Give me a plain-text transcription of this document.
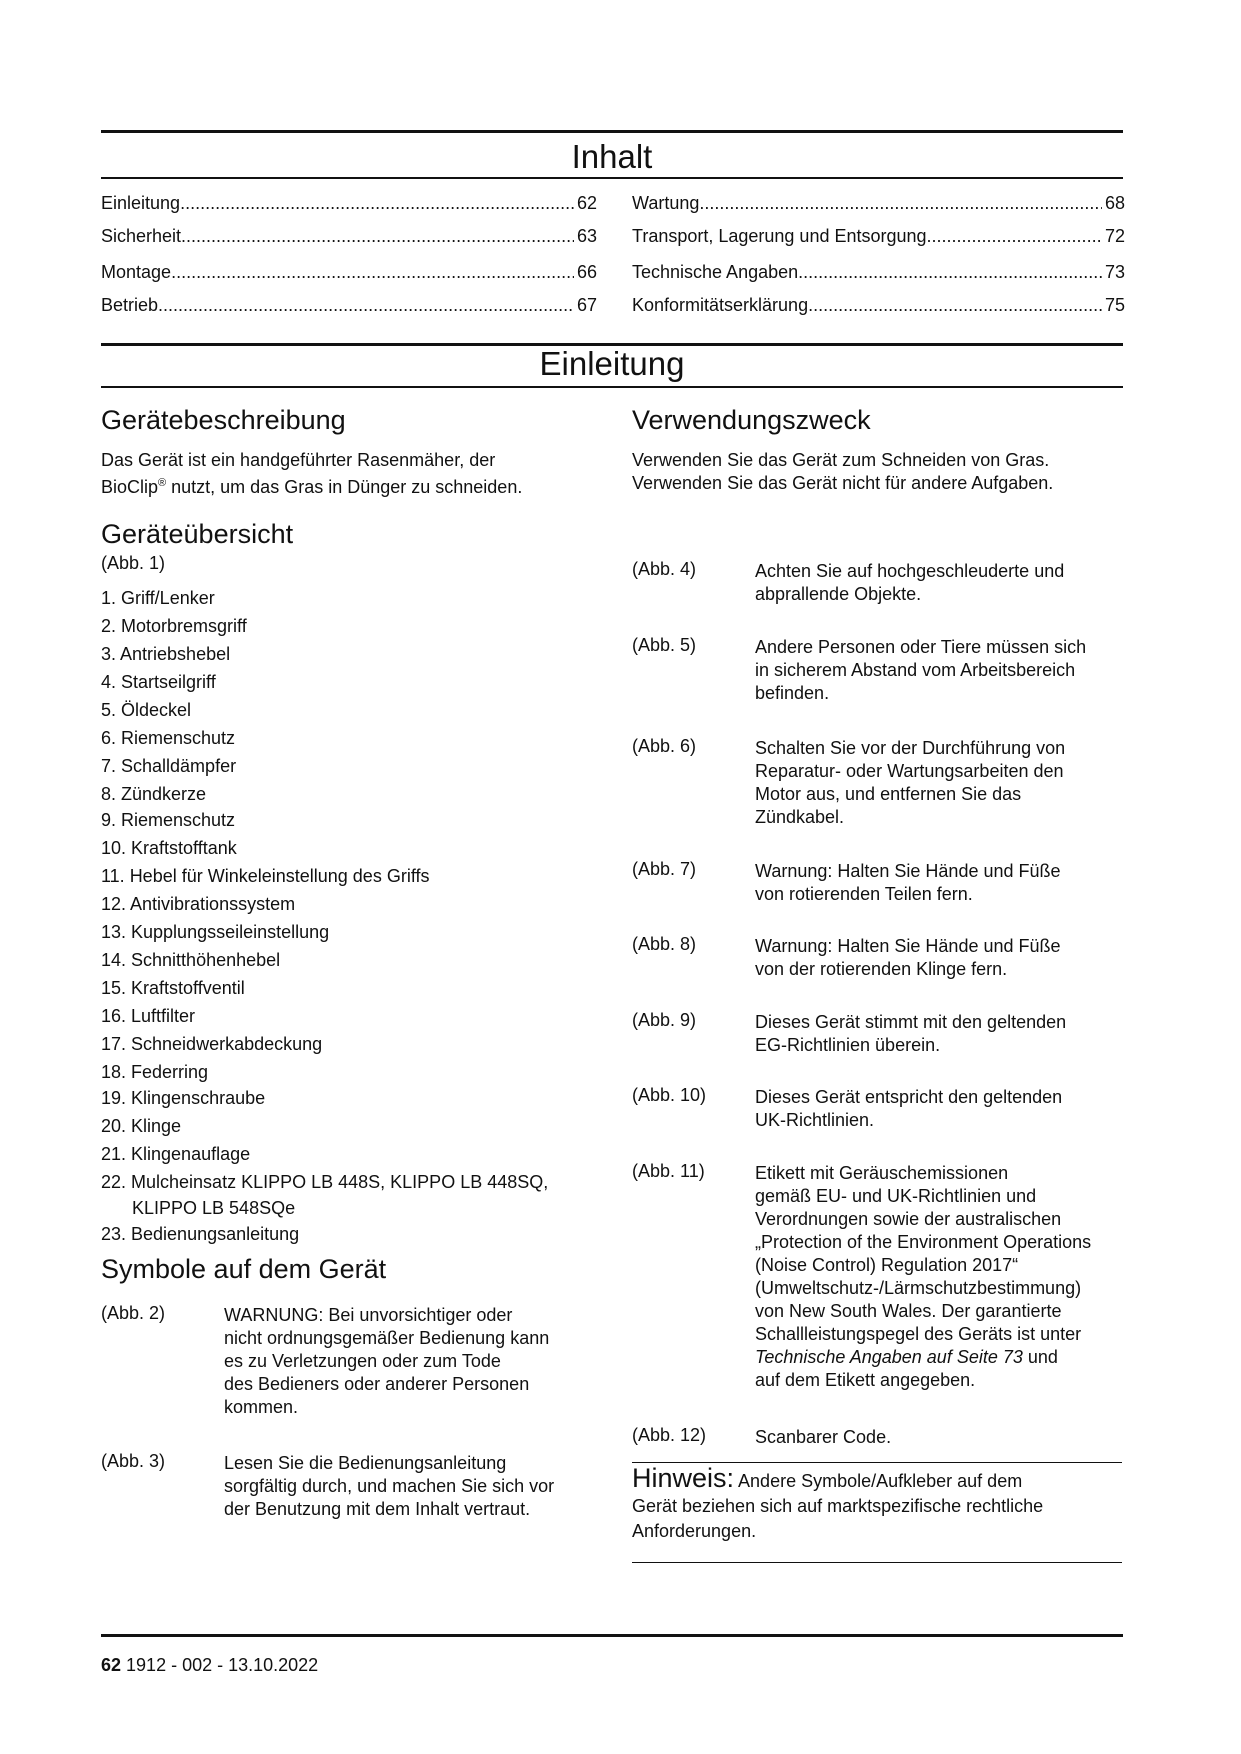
Inhalt
Einleitung .....	62
Sicherheit .....	63
Montage .....	66
Betrieb .....	67
Wartung .....	68
Transport, Lagerung und Entsorgung .....	72
Technische Angaben .....	73
Konformitätserklärung .....	75
Einleitung
Gerätebeschreibung
Das Gerät ist ein handgeführter Rasenmäher, der
BioClip® nutzt, um das Gras in Dünger zu schneiden.
Verwendungszweck
Verwenden Sie das Gerät zum Schneiden von Gras.
Verwenden Sie das Gerät nicht für andere Aufgaben.
Geräteübersicht
(Abb. 1)
1. Griff/Lenker
2. Motorbremsgriff
3. Antriebshebel
4. Startseilgriff
5. Öldeckel
6. Riemenschutz
7. Schalldämpfer
8. Zündkerze
9. Riemenschutz
10. Kraftstofftank
11. Hebel für Winkeleinstellung des Griffs
12. Antivibrationssystem
13. Kupplungsseileinstellung
14. Schnitthöhenhebel
15. Kraftstoffventil
16. Luftfilter
17. Schneidwerkabdeckung
18. Federring
19. Klingenschraube
20. Klinge
21. Klingenauflage
22. Mulcheinsatz KLIPPO LB 448S, KLIPPO LB 448SQ,
KLIPPO LB 548SQe
23. Bedienungsanleitung
Symbole auf dem Gerät
(Abb. 2)	WARNUNG: Bei unvorsichtiger oder
nicht ordnungsgemäßer Bedienung kann
es zu Verletzungen oder zum Tode
des Bedieners oder anderer Personen
kommen.
(Abb. 3)	Lesen Sie die Bedienungsanleitung
sorgfältig durch, und machen Sie sich vor
der Benutzung mit dem Inhalt vertraut.
(Abb. 4)	Achten Sie auf hochgeschleuderte und
abprallende Objekte.
(Abb. 5)	Andere Personen oder Tiere müssen sich
in sicherem Abstand vom Arbeitsbereich
befinden.
(Abb. 6)	Schalten Sie vor der Durchführung von
Reparatur- oder Wartungsarbeiten den
Motor aus, und entfernen Sie das
Zündkabel.
(Abb. 7)	Warnung: Halten Sie Hände und Füße
von rotierenden Teilen fern.
(Abb. 8)	Warnung: Halten Sie Hände und Füße
von der rotierenden Klinge fern.
(Abb. 9)	Dieses Gerät stimmt mit den geltenden
EG-Richtlinien überein.
(Abb. 10)	Dieses Gerät entspricht den geltenden
UK-Richtlinien.
(Abb. 11)	Etikett mit Geräuschemissionen
gemäß EU- und UK-Richtlinien und
Verordnungen sowie der australischen
„Protection of the Environment Operations
(Noise Control) Regulation 2017“
(Umweltschutz-/Lärmschutzbestimmung)
von New South Wales. Der garantierte
Schallleistungspegel des Geräts ist unter
Technische Angaben auf Seite 73 und
auf dem Etikett angegeben.
(Abb. 12)	Scanbarer Code.
Hinweis: Andere Symbole/Aufkleber auf dem
Gerät beziehen sich auf marktspezifische rechtliche
Anforderungen.
62 1912 - 002 - 13.10.2022
